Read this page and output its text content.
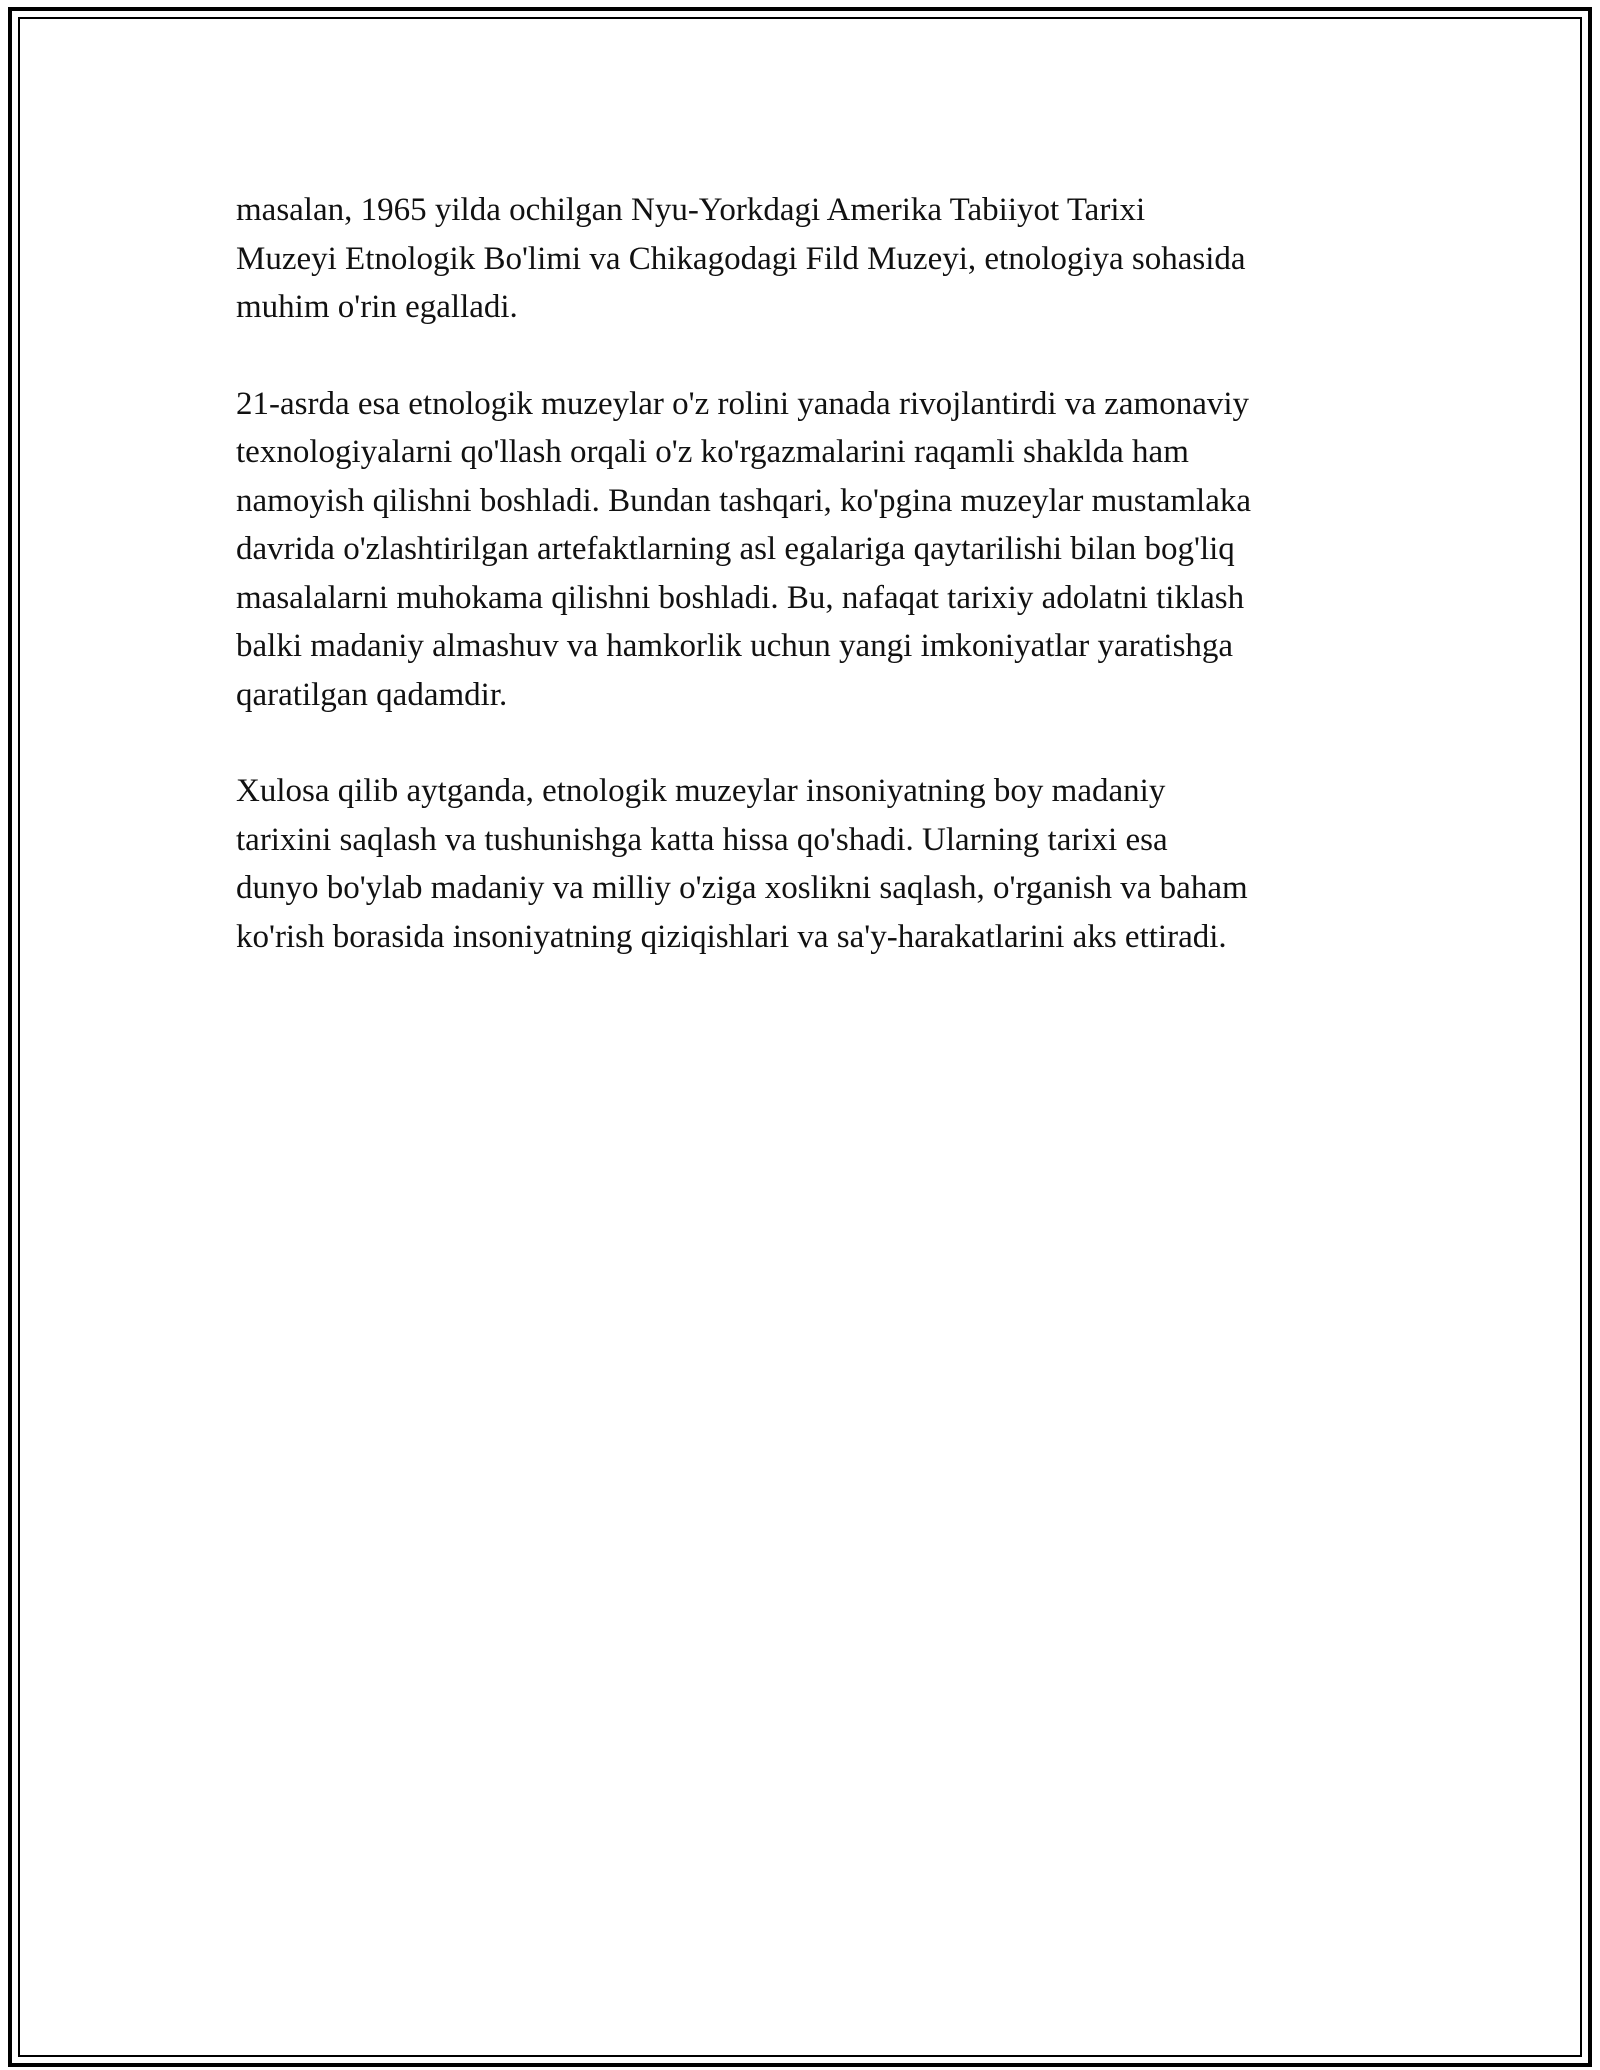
masalan, 1965 yilda ochilgan Nyu-Yorkdagi Amerika Tabiiyot Tarixi
Muzeyi Etnologik Bo'limi va Chikagodagi Fild Muzeyi, etnologiya sohasida
muhim o'rin egalladi.

21-asrda esa etnologik muzeylar o'z rolini yanada rivojlantirdi va zamonaviy
texnologiyalarni qo'llash orqali o'z ko'rgazmalarini raqamli shaklda ham
namoyish qilishni boshladi. Bundan tashqari, ko'pgina muzeylar mustamlaka
davrida o'zlashtirilgan artefaktlarning asl egalariga qaytarilishi bilan bog'liq
masalalarni muhokama qilishni boshladi. Bu, nafaqat tarixiy adolatni tiklash
balki madaniy almashuv va hamkorlik uchun yangi imkoniyatlar yaratishga
qaratilgan qadamdir.

Xulosa qilib aytganda, etnologik muzeylar insoniyatning boy madaniy
tarixini saqlash va tushunishga katta hissa qo'shadi. Ularning tarixi esa
dunyo bo'ylab madaniy va milliy o'ziga xoslikni saqlash, o'rganish va baham
ko'rish borasida insoniyatning qiziqishlari va sa'y-harakatlarini aks ettiradi.
